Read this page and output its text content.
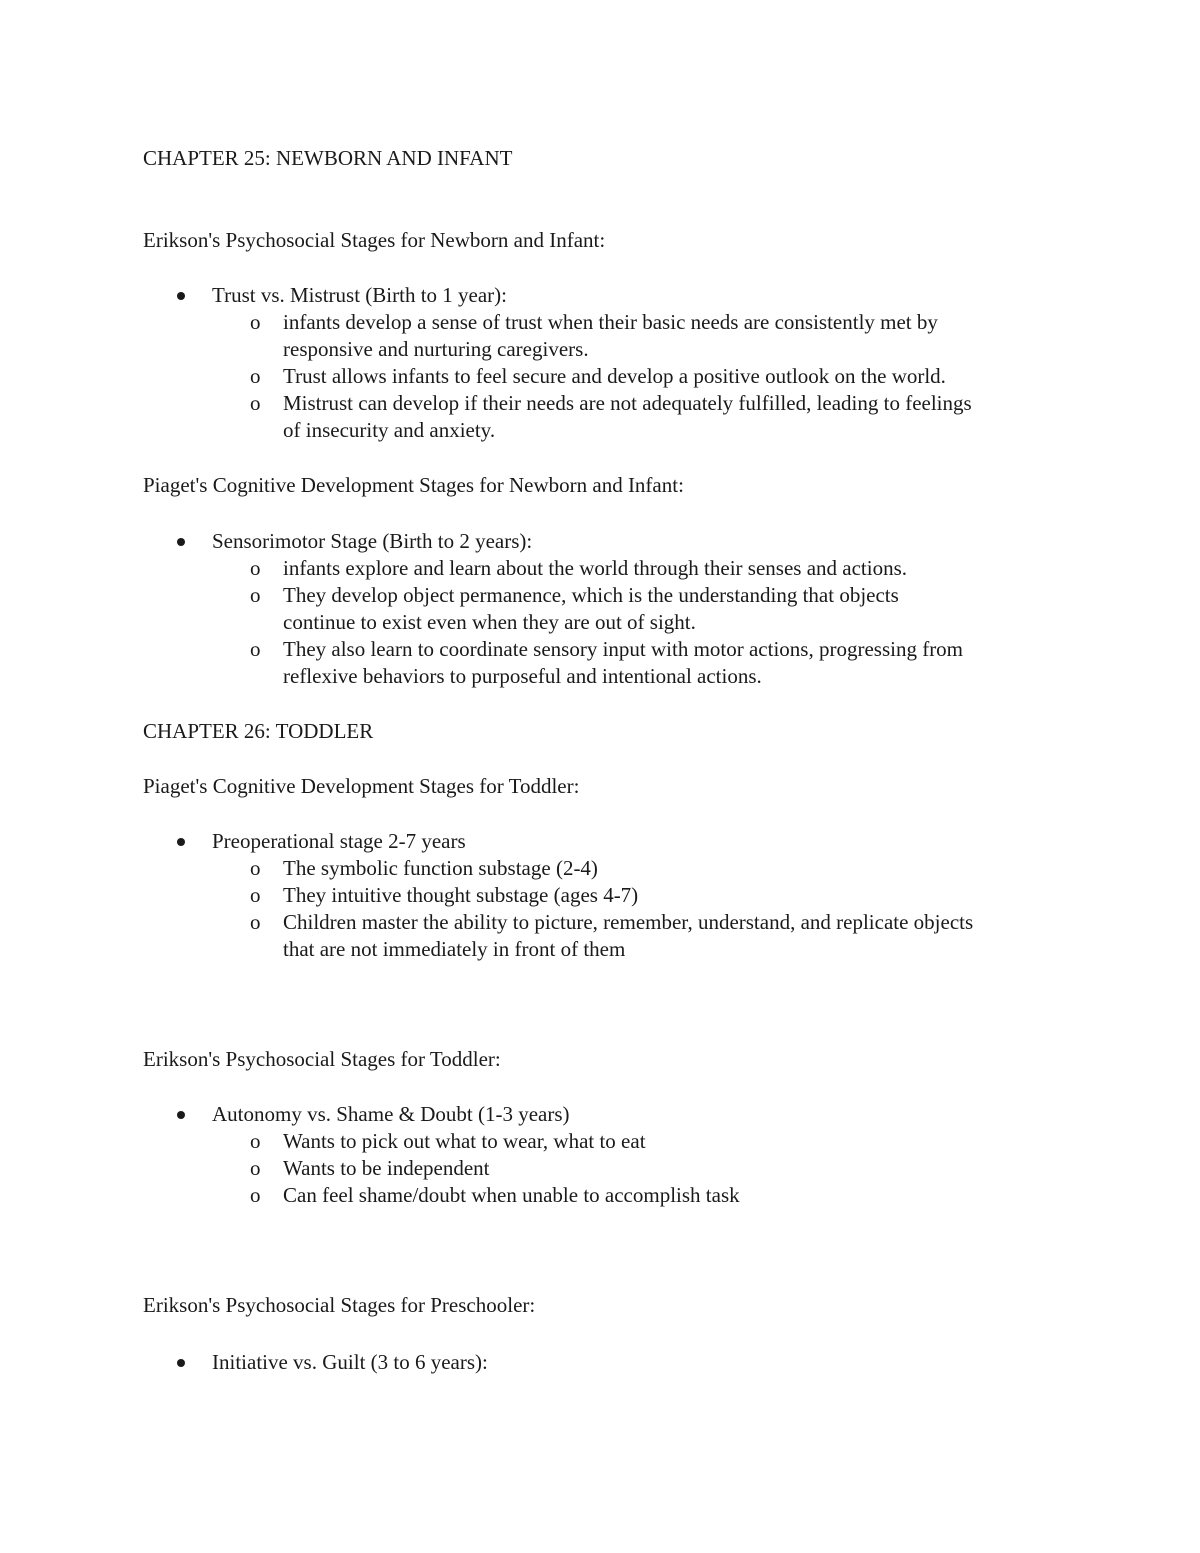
CHAPTER 25: NEWBORN AND INFANT
Erikson's Psychosocial Stages for Newborn and Infant:
Trust vs. Mistrust (Birth to 1 year):
o infants develop a sense of trust when their basic needs are consistently met by
responsive and nurturing caregivers.
o Trust allows infants to feel secure and develop a positive outlook on the world.
o Mistrust can develop if their needs are not adequately fulfilled, leading to feelings
of insecurity and anxiety.
Piaget's Cognitive Development Stages for Newborn and Infant:
Sensorimotor Stage (Birth to 2 years):
o infants explore and learn about the world through their senses and actions.
o They develop object permanence, which is the understanding that objects
continue to exist even when they are out of sight.
o They also learn to coordinate sensory input with motor actions, progressing from
reflexive behaviors to purposeful and intentional actions.
CHAPTER 26: TODDLER
Piaget's Cognitive Development Stages for Toddler:
Preoperational stage 2-7 years
o The symbolic function substage (2-4)
o They intuitive thought substage (ages 4-7)
o Children master the ability to picture, remember, understand, and replicate objects
that are not immediately in front of them
Erikson's Psychosocial Stages for Toddler:
Autonomy vs. Shame & Doubt (1-3 years)
o Wants to pick out what to wear, what to eat
o Wants to be independent
o Can feel shame/doubt when unable to accomplish task
Erikson's Psychosocial Stages for Preschooler:
Initiative vs. Guilt (3 to 6 years):
